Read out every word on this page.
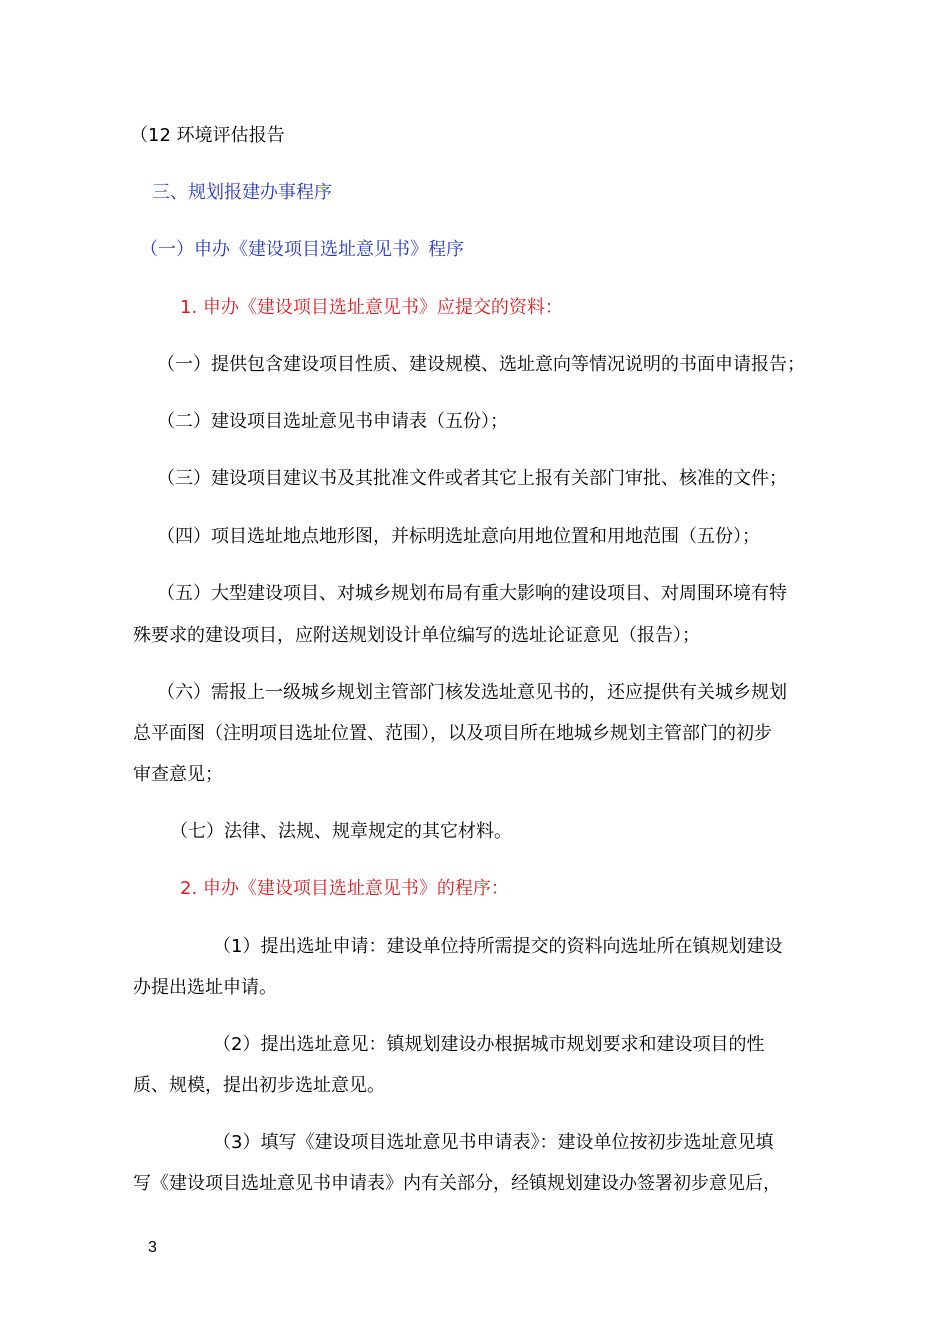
（12 环境评估报告
三、规划报建办事程序
（一）申办《建设项目选址意见书》程序
1. 申办《建设项目选址意见书》应提交的资料：
（一）提供包含建设项目性质、建设规模、选址意向等情况说明的书面申请报告；
（二）建设项目选址意见书申请表（五份）；
（三）建设项目建议书及其批准文件或者其它上报有关部门审批、核准的文件；
（四）项目选址地点地形图，并标明选址意向用地位置和用地范围（五份）；
（五）大型建设项目、对城乡规划布局有重大影响的建设项目、对周围环境有特
殊要求的建设项目，应附送规划设计单位编写的选址论证意见（报告）；
（六）需报上一级城乡规划主管部门核发选址意见书的，还应提供有关城乡规划
总平面图（注明项目选址位置、范围），以及项目所在地城乡规划主管部门的初步
审查意见；
（七）法律、法规、规章规定的其它材料。
2. 申办《建设项目选址意见书》的程序：
（1）提出选址申请：建设单位持所需提交的资料向选址所在镇规划建设
办提出选址申请。
（2）提出选址意见：镇规划建设办根据城市规划要求和建设项目的性
质、规模，提出初步选址意见。
（3）填写《建设项目选址意见书申请表》：建设单位按初步选址意见填
写《建设项目选址意见书申请表》内有关部分，经镇规划建设办签署初步意见后，
3
